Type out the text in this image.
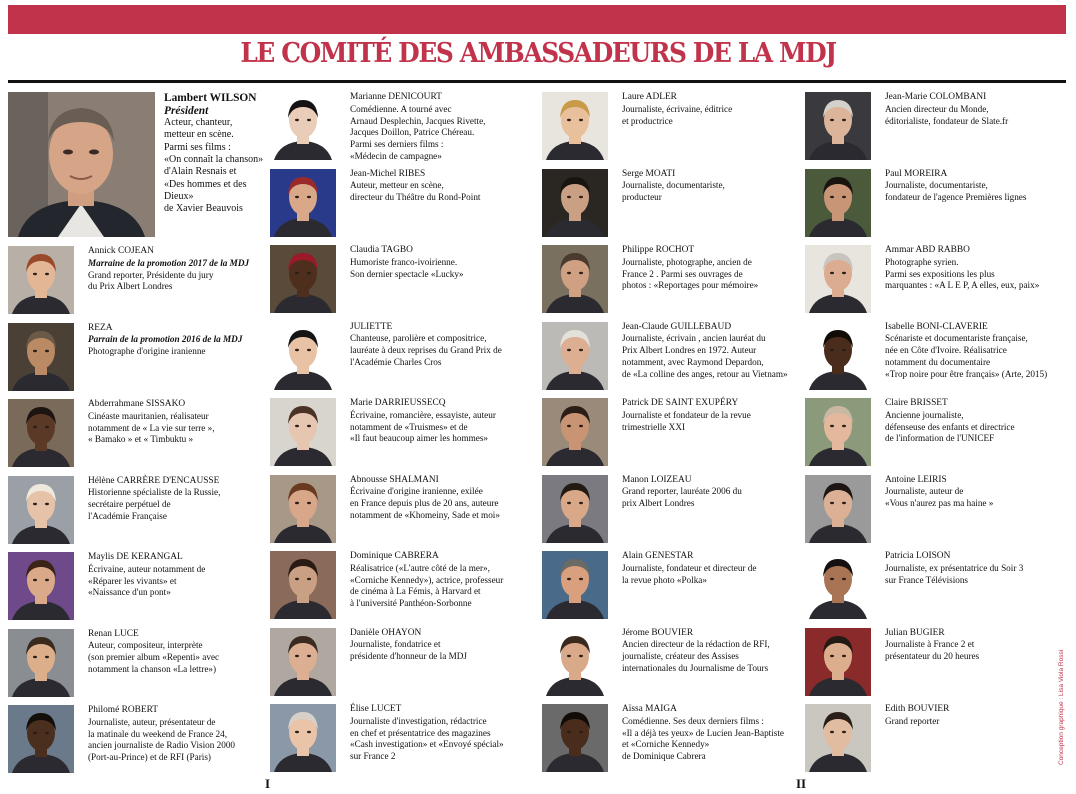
LE COMITÉ DES AMBASSADEURS DE LA MDJ
Lambert WILSON
Président
Acteur, chanteur,
metteur en scène.
Parmi ses films :
«On connaît la chanson»
d'Alain Resnais et
«Des hommes et des Dieux»
de Xavier Beauvois
Annick COJEAN
Marraine de la promotion 2017 de la MDJ
Grand reporter, Présidente du jury
du Prix Albert Londres
REZA
Parrain de la promotion 2016 de la MDJ
Photographe d'origine iranienne
Abderrahmane SISSAKO
Cinéaste mauritanien, réalisateur
notamment de « La vie sur terre »,
« Bamako » et « Timbuktu »
Hélène CARRÈRE D'ENCAUSSE
Historienne spécialiste de la Russie,
secrétaire perpétuel de
l'Académie Française
Maylis DE KERANGAL
Écrivaine, auteur notamment de
«Réparer les vivants» et
«Naissance d'un pont»
Renan LUCE
Auteur, compositeur, interprète
(son premier album «Repenti» avec
notamment la chanson «La lettre»)
Philomé ROBERT
Journaliste, auteur, présentateur de
la matinale du weekend de France 24,
ancien journaliste de Radio Vision 2000
(Port-au-Prince) et de RFI (Paris)
Marianne DENICOURT
Comédienne. A tourné avec
Arnaud Desplechin, Jacques Rivette,
Jacques Doillon, Patrice Chéreau.
Parmi ses derniers films :
«Médecin de campagne»
Jean-Michel RIBES
Auteur, metteur en scène,
directeur du Théâtre du Rond-Point
Claudia TAGBO
Humoriste franco-ivoirienne.
Son dernier spectacle «Lucky»
JULIETTE
Chanteuse, parolière et compositrice,
lauréate à deux reprises du Grand Prix de
l'Académie Charles Cros
Marie DARRIEUSSECQ
Écrivaine, romancière, essayiste, auteur
notamment de «Truismes» et de
«Il faut beaucoup aimer les hommes»
Abnousse SHALMANI
Écrivaine d'origine iranienne, exilée
en France depuis plus de 20 ans, auteure
notamment de «Khomeiny, Sade et moi»
Dominique CABRERA
Réalisatrice («L'autre côté de la mer»,
«Corniche Kennedy»), actrice, professeur
de cinéma à La Fémis, à Harvard et
à l'université Panthéon-Sorbonne
Danièle OHAYON
Journaliste, fondatrice et
présidente d'honneur de la MDJ
Élise LUCET
Journaliste d'investigation, rédactrice
en chef et présentatrice des magazines
«Cash investigation» et «Envoyé spécial»
sur France 2
Laure ADLER
Journaliste, écrivaine, éditrice
et productrice
Serge MOATI
Journaliste, documentariste,
producteur
Philippe ROCHOT
Journaliste, photographe, ancien de
France 2 . Parmi ses ouvrages de
photos : «Reportages pour mémoire»
Jean-Claude GUILLEBAUD
Journaliste, écrivain , ancien lauréat du
Prix Albert Londres en 1972. Auteur
notamment, avec Raymond Depardon,
de «La colline des anges, retour au Vietnam»
Patrick DE SAINT EXUPÉRY
Journaliste et fondateur de la revue
trimestrielle XXI
Manon LOIZEAU
Grand reporter, lauréate 2006 du
prix Albert Londres
Alain GENESTAR
Journaliste, fondateur et directeur de
la revue photo «Polka»
Jérome BOUVIER
Ancien directeur de la rédaction de RFI,
journaliste, créateur des Assises
internationales du Journalisme de Tours
Aïssa MAIGA
Comédienne. Ses deux derniers films :
«Il a déjà tes yeux» de Lucien Jean-Baptiste
et «Corniche Kennedy»
de Dominique Cabrera
Jean-Marie COLOMBANI
Ancien directeur du Monde,
éditorialiste, fondateur de Slate.fr
Paul MOREIRA
Journaliste, documentariste,
fondateur de l'agence Premières lignes
Ammar ABD RABBO
Photographe syrien.
Parmi ses expositions les plus
marquantes : «A L E P, A elles, eux, paix»
Isabelle BONI-CLAVERIE
Scénariste et documentariste française,
née en Côte d'Ivoire. Réalisatrice
notamment du documentaire
«Trop noire pour être français» (Arte, 2015)
Claire BRISSET
Ancienne journaliste,
défenseuse des enfants et directrice
de l'information de l'UNICEF
Antoine LEIRIS
Journaliste, auteur de
«Vous n'aurez pas ma haine »
Patricia LOISON
Journaliste, ex présentatrice du Soir 3
sur France Télévisions
Julian BUGIER
Journaliste à France 2 et
présentateur du 20 heures
Edith BOUVIER
Grand reporter
I	II
Conception graphique : Lisa Viola Rossi
